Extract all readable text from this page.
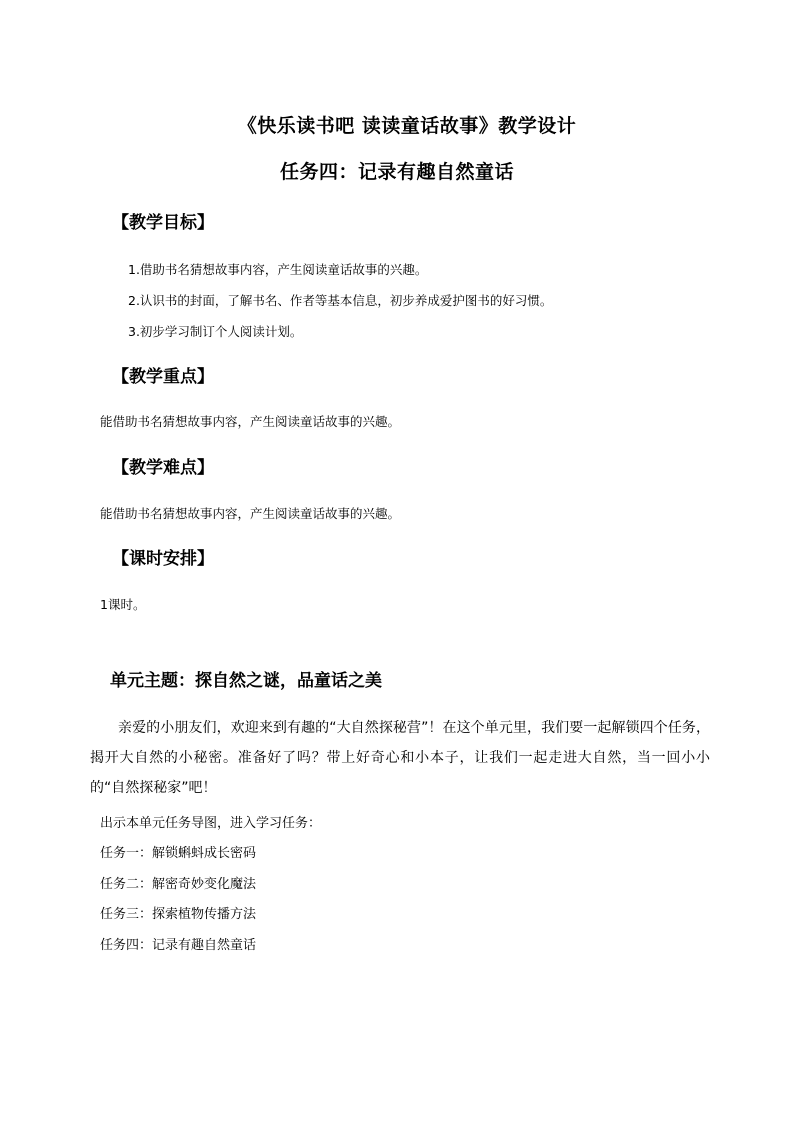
《快乐读书吧 读读童话故事》教学设计
任务四：记录有趣自然童话
【教学目标】
1.借助书名猜想故事内容，产生阅读童话故事的兴趣。
2.认识书的封面，了解书名、作者等基本信息，初步养成爱护图书的好习惯。
3.初步学习制订个人阅读计划。
【教学重点】
能借助书名猜想故事内容，产生阅读童话故事的兴趣。
【教学难点】
能借助书名猜想故事内容，产生阅读童话故事的兴趣。
【课时安排】
1课时。
单元主题：探自然之谜，品童话之美
亲爱的小朋友们，欢迎来到有趣的“大自然探秘营”！在这个单元里，我们要一起解锁四个任务，揭开大自然的小秘密。准备好了吗？带上好奇心和小本子，让我们一起走进大自然，当一回小小的“自然探秘家”吧！
出示本单元任务导图，进入学习任务：
任务一：解锁蝌蚪成长密码
任务二：解密奇妙变化魔法
任务三：探索植物传播方法
任务四：记录有趣自然童话
